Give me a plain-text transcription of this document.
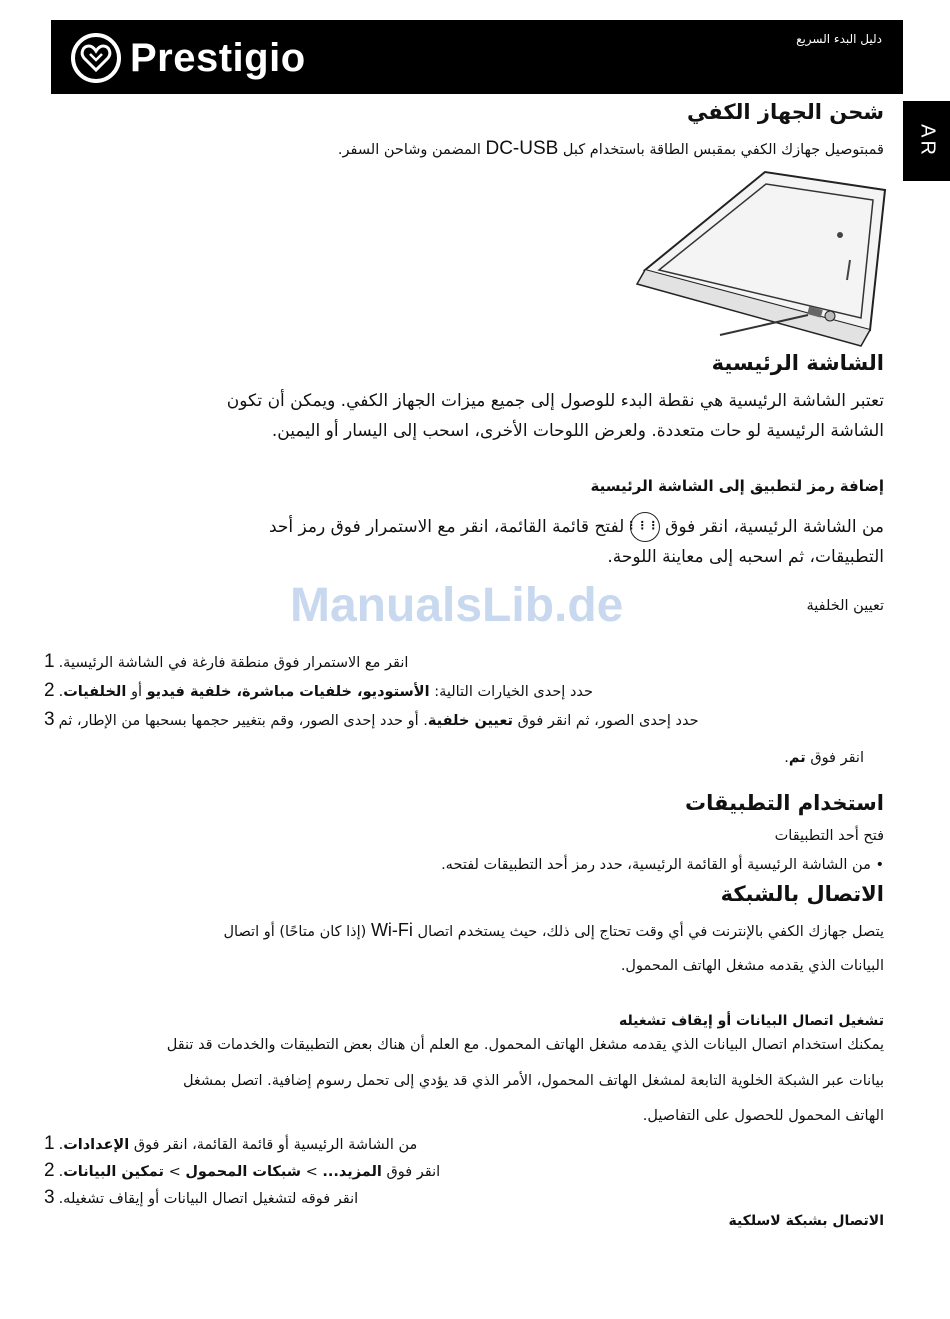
Prestigio	دليل البدء السريع
AR
شحن الجهاز الكفي
قمبتوصيل جهازك الكفي بمقبس الطاقة باستخدام كبل DC-USB المضمن وشاحن السفر.
الشاشة الرئيسية
تعتبر الشاشة الرئيسية هي نقطة البدء للوصول إلى جميع ميزات الجهاز الكفي. ويمكن أن تكون
الشاشة الرئيسية لو حات متعددة. ولعرض اللوحات الأخرى، اسحب إلى اليسار أو اليمين.
إضافة رمز لتطبيق إلى الشاشة الرئيسية
من الشاشة الرئيسية، انقر فوق ⋮⋮⋮ لفتح قائمة القائمة، انقر مع الاستمرار فوق رمز أحد
التطبيقات، ثم اسحبه إلى معاينة اللوحة.
ManualsLib.de	تعيين الخلفية
1 انقر مع الاستمرار فوق منطقة فارغة في الشاشة الرئيسية.
2	حدد إحدى الخيارات التالية: الأستوديو، خلفيات مباشرة، خلفية فيديو أو الخلفيات.
3	حدد إحدى الصور، ثم انقر فوق تعيين خلفية. أو حدد إحدى الصور، وقم بتغيير حجمها بسحبها من الإطار، ثم
انقر فوق تم.
استخدام التطبيقات
فتح أحد التطبيقات
• من الشاشة الرئيسية أو القائمة الرئيسية، حدد رمز أحد التطبيقات لفتحه.
الاتصال بالشبكة
يتصل جهازك الكفي بالإنترنت في أي وقت تحتاج إلى ذلك، حيث يستخدم اتصال Wi-Fi (إذا كان متاحًا) أو اتصال
البيانات الذي يقدمه مشغل الهاتف المحمول.
تشغيل اتصال البيانات أو إيقاف تشغيله
يمكنك استخدام اتصال البيانات الذي يقدمه مشغل الهاتف المحمول. مع العلم أن هناك بعض التطبيقات والخدمات قد تنقل
بيانات عبر الشبكة الخلوية التابعة لمشغل الهاتف المحمول، الأمر الذي قد يؤدي إلى تحمل رسوم إضافية. اتصل بمشغل
الهاتف المحمول للحصول على التفاصيل.
1	من الشاشة الرئيسية أو قائمة القائمة، انقر فوق الإعدادات.
2	انقر فوق المزيد... > شبكات المحمول > تمكين البيانات.
3 انقر فوقه لتشغيل اتصال البيانات أو إيقاف تشغيله.
الاتصال بشبكة لاسلكية
